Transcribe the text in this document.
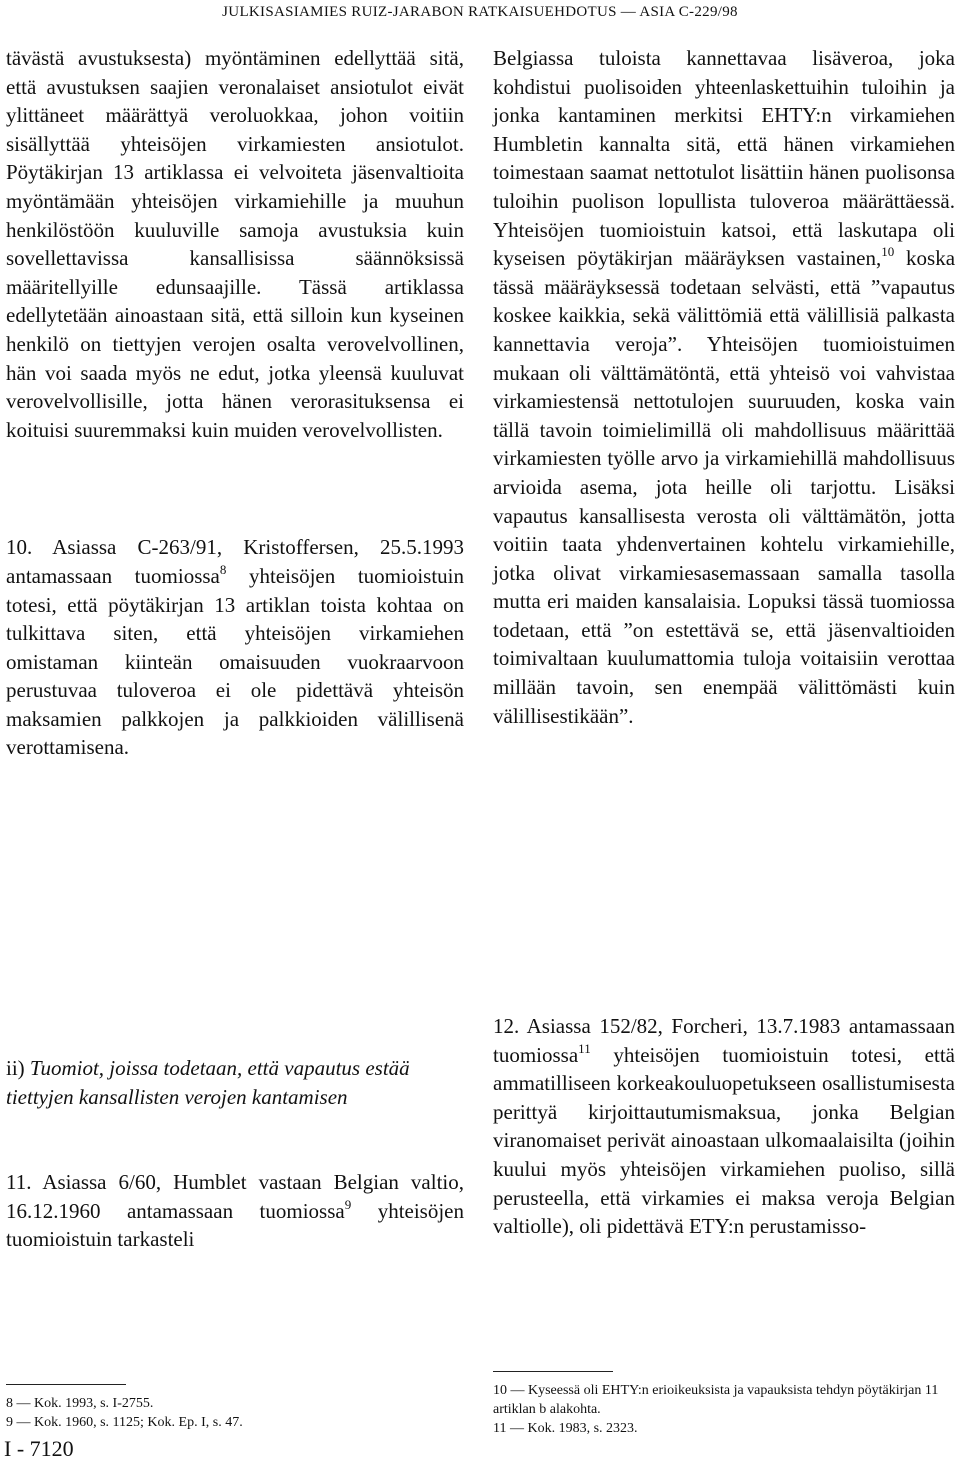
JULKISASIAMIES RUIZ-JARABON RATKAISUEHDOTUS — ASIA C-229/98

tävästä avustuksesta) myöntäminen edellyttää sitä, että avustuksen saajien veronalaiset ansiotulot eivät ylittäneet määrättyä veroluokkaa, johon voitiin sisällyttää yhteisöjen virkamiesten ansiotulot. Pöytäkirjan 13 artiklassa ei velvoiteta jäsenvaltioita myöntämään yhteisöjen virkamiehille ja muuhun henkilöstöön kuuluville samoja avustuksia kuin sovellettavissa kansallisissa säännöksissä määritellyille edunsaajille. Tässä artiklassa edellytetään ainoastaan sitä, että silloin kun kyseinen henkilö on tiettyjen verojen osalta verovelvollinen, hän voi saada myös ne edut, jotka yleensä kuuluvat verovelvollisille, jotta hänen verorasituksensa ei koituisi suuremmaksi kuin muiden verovelvollisten.

10. Asiassa C-263/91, Kristoffersen, 25.5.1993 antamassaan tuomiossa$^8$ yhteisöjen tuomioistuin totesi, että pöytäkirjan 13 artiklan toista kohtaa on tulkittava siten, että yhteisöjen virkamiehen omistaman kiinteän omaisuuden vuokraarvoon perustuvaa tuloveroa ei ole pidettävä yhteisön maksamien palkkojen ja palkkioiden välillisenä verottamisena.

Belgiassa tuloista kannettavaa lisäveroa, joka kohdistui puolisoiden yhteenlaskettuihin tuloihin ja jonka kantaminen merkitsi EHTY:n virkamiehen Humbletin kannalta sitä, että hänen virkamiehen toimestaan saamat nettotulot lisättiin hänen puolisonsa tuloihin puolison lopullista tuloveroa määrättäessä. Yhteisöjen tuomioistuin katsoi, että laskutapa oli kyseisen pöytäkirjan määräyksen vastainen,$^{10}$ koska tässä määräyksessä todetaan selvästi, että ”vapautus koskee kaikkia, sekä välittömiä että välillisiä palkasta kannettavia veroja”. Yhteisöjen tuomioistuimen mukaan oli välttämätöntä, että yhteisö voi vahvistaa virkamiestensä nettotulojen suuruuden, koska vain tällä tavoin toimielimillä oli mahdollisuus määrittää virkamiesten työlle arvo ja virkamiehillä mahdollisuus arvioida asema, jota heille oli tarjottu. Lisäksi vapautus kansallisesta verosta oli välttämätön, jotta voitiin taata yhdenvertainen kohtelu virkamiehille, jotka olivat virkamiesasemassaan samalla tasolla mutta eri maiden kansalaisia. Lopuksi tässä tuomiossa todetaan, että ”on estettävä se, että jäsenvaltioiden toimivaltaan kuulumattomia tuloja voitaisiin verottaa millään tavoin, sen enempää välittömästi kuin välillisestikään”.

ii) Tuomiot, joissa todetaan, että vapautus estää tiettyjen kansallisten verojen kantamisen

11. Asiassa 6/60, Humblet vastaan Belgian valtio, 16.12.1960 antamassaan tuomiossa$^9$ yhteisöjen tuomioistuin tarkasteli

12. Asiassa 152/82, Forcheri, 13.7.1983 antamassaan tuomiossa$^{11}$ yhteisöjen tuomioistuin totesi, että ammatilliseen korkeakouluopetukseen osallistumisesta perittyä kirjoittautumismaksua, jonka Belgian viranomaiset perivät ainoastaan ulkomaalaisilta (joihin kuului myös yhteisöjen virkamiehen puoliso, sillä perusteella, että virkamies ei maksa veroja Belgian valtiolle), oli pidettävä ETY:n perustamisso-

8 — Kok. 1993, s. I-2755.
9 — Kok. 1960, s. 1125; Kok. Ep. I, s. 47.
10 — Kyseessä oli EHTY:n erioikeuksista ja vapauksista tehdyn pöytäkirjan 11 artiklan b alakohta.
11 — Kok. 1983, s. 2323.
I - 7120
